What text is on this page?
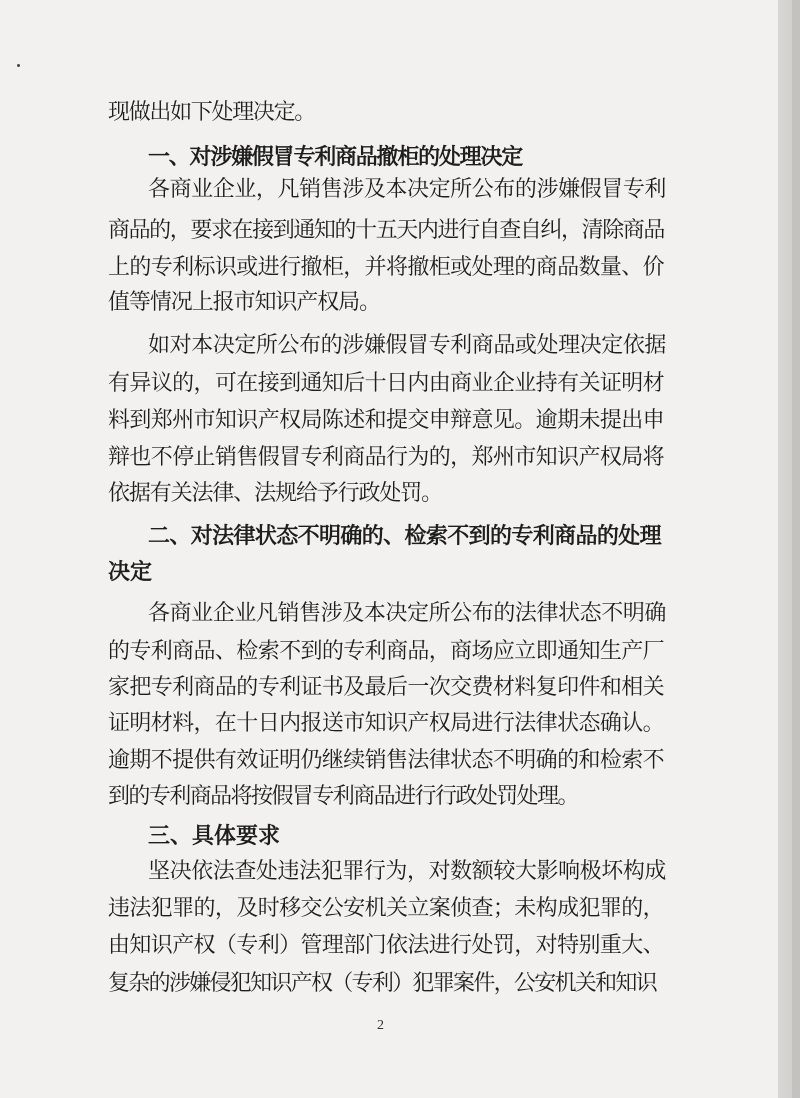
现做出如下处理决定。
一、对涉嫌假冒专利商品撤柜的处理决定
各商业企业，凡销售涉及本决定所公布的涉嫌假冒专利
商品的，要求在接到通知的十五天内进行自查自纠，清除商品
上的专利标识或进行撤柜，并将撤柜或处理的商品数量、价
值等情况上报市知识产权局。
如对本决定所公布的涉嫌假冒专利商品或处理决定依据
有异议的，可在接到通知后十日内由商业企业持有关证明材
料到郑州市知识产权局陈述和提交申辩意见。逾期未提出申
辩也不停止销售假冒专利商品行为的，郑州市知识产权局将
依据有关法律、法规给予行政处罚。
二、对法律状态不明确的、检索不到的专利商品的处理
决定
各商业企业凡销售涉及本决定所公布的法律状态不明确
的专利商品、检索不到的专利商品，商场应立即通知生产厂
家把专利商品的专利证书及最后一次交费材料复印件和相关
证明材料，在十日内报送市知识产权局进行法律状态确认。
逾期不提供有效证明仍继续销售法律状态不明确的和检索不
到的专利商品将按假冒专利商品进行行政处罚处理。
三、具体要求
坚决依法查处违法犯罪行为，对数额较大影响极坏构成
违法犯罪的，及时移交公安机关立案侦查；未构成犯罪的，
由知识产权（专利）管理部门依法进行处罚，对特别重大、
复杂的涉嫌侵犯知识产权（专利）犯罪案件，公安机关和知识
2
